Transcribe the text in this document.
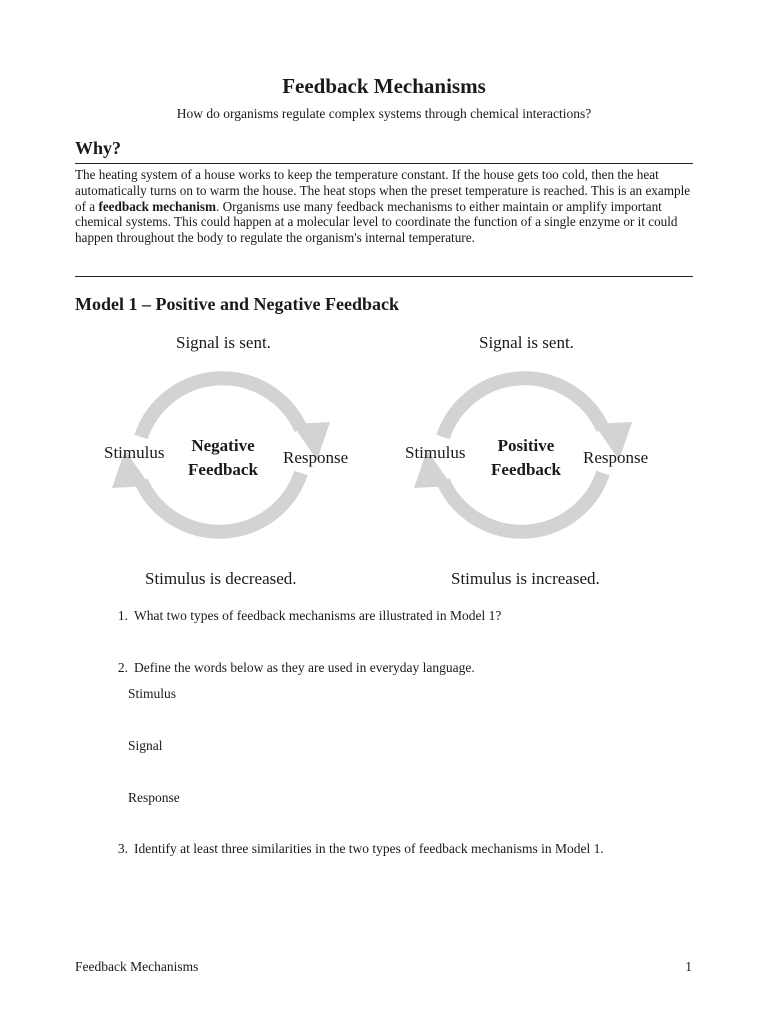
Feedback Mechanisms
How do organisms regulate complex systems through chemical interactions?
Why?
The heating system of a house works to keep the temperature constant. If the house gets too cold, then the heat automatically turns on to warm the house. The heat stops when the preset temperature is reached. This is an example of a feedback mechanism. Organisms use many feedback mechanisms to either maintain or amplify important chemical systems. This could happen at a molecular level to coordinate the function of a single enzyme or it could happen throughout the body to regulate the organism's internal temperature.
Model 1 – Positive and Negative Feedback
Signal is sent.
Stimulus	Response
Negative
Feedback
Stimulus is decreased.
Signal is sent.
Stimulus	Response
Positive
Feedback
Stimulus is increased.
1. What two types of feedback mechanisms are illustrated in Model 1?
2. Define the words below as they are used in everyday language.
Stimulus
Signal
Response
3. Identify at least three similarities in the two types of feedback mechanisms in Model 1.
Feedback Mechanisms	1
